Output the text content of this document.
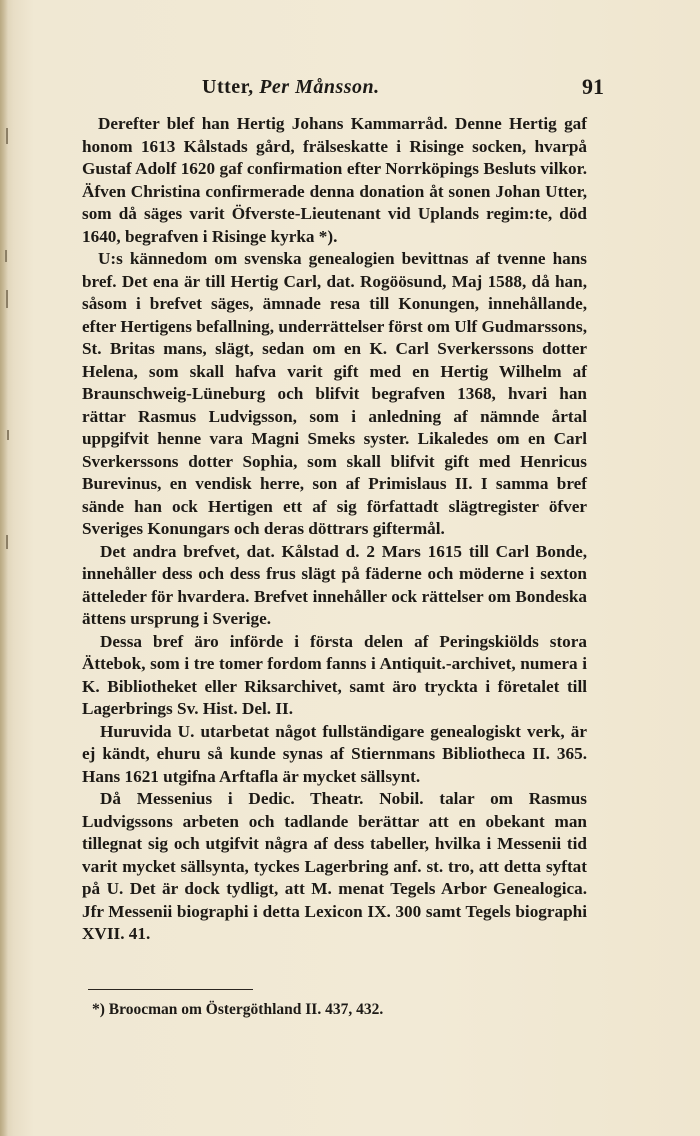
Utter, Per Månsson.	91

Derefter blef han Hertig Johans Kammarråd. Denne Hertig gaf honom 1613 Kålstads gård, frälseskatte i Risinge socken, hvarpå Gustaf Adolf 1620 gaf confirmation efter Norrköpings Besluts vilkor. Äfven Christina confirmerade denna donation åt sonen Johan Utter, som då säges varit Öfverste-Lieutenant vid Uplands regim:te, död 1640, begrafven i Risinge kyrka *).

U:s kännedom om svenska genealogien bevittnas af tvenne hans bref. Det ena är till Hertig Carl, dat. Rogöösund, Maj 1588, då han, såsom i brefvet säges, ämnade resa till Konungen, innehållande, efter Hertigens befallning, underrättelser först om Ulf Gudmarssons, St. Britas mans, slägt, sedan om en K. Carl Sverkerssons dotter Helena, som skall hafva varit gift med en Hertig Wilhelm af Braunschweig-Lüneburg och blifvit begrafven 1368, hvari han rättar Rasmus Ludvigsson, som i anledning af nämnde årtal uppgifvit henne vara Magni Smeks syster. Likaledes om en Carl Sverkerssons dotter Sophia, som skall blifvit gift med Henricus Burevinus, en vendisk herre, son af Primislaus II. I samma bref sände han ock Hertigen ett af sig författadt slägtregister öfver Sveriges Konungars och deras döttrars giftermål.

Det andra brefvet, dat. Kålstad d. 2 Mars 1615 till Carl Bonde, innehåller dess och dess frus slägt på fäderne och möderne i sexton ätteleder för hvardera. Brefvet innehåller ock rättelser om Bondeska ättens ursprung i Sverige.

Dessa bref äro införde i första delen af Peringskiölds stora Ättebok, som i tre tomer fordom fanns i Antiquit.-archivet, numera i K. Bibliotheket eller Riksarchivet, samt äro tryckta i företalet till Lagerbrings Sv. Hist. Del. II.

Huruvida U. utarbetat något fullständigare genealogiskt verk, är ej kändt, ehuru så kunde synas af Stiernmans Bibliotheca II. 365. Hans 1621 utgifna Arftafla är mycket sällsynt.

Då Messenius i Dedic. Theatr. Nobil. talar om Rasmus Ludvigssons arbeten och tadlande berättar att en obekant man tillegnat sig och utgifvit några af dess tabeller, hvilka i Messenii tid varit mycket sällsynta, tyckes Lagerbring anf. st. tro, att detta syftat på U. Det är dock tydligt, att M. menat Tegels Arbor Genealogica. Jfr Messenii biographi i detta Lexicon IX. 300 samt Tegels biographi XVII. 41.

*) Broocman om Östergöthland II. 437, 432.
